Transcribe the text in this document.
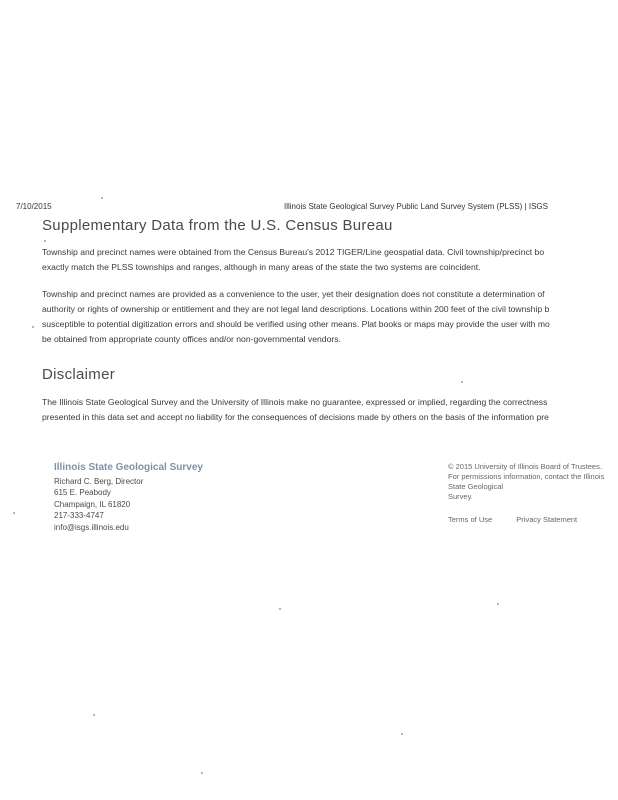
7/10/2015	Illinois State Geological Survey Public Land Survey System (PLSS) | ISGS
Supplementary Data from the U.S. Census Bureau

Township and precinct names were obtained from the Census Bureau's 2012 TIGER/Line geospatial data. Civil township/precinct bo
exactly match the PLSS townships and ranges, although in many areas of the state the two systems are coincident.

Township and precinct names are provided as a convenience to the user, yet their designation does not constitute a determination of
authority or rights of ownership or entitlement and they are not legal land descriptions. Locations within 200 feet of the civil township b
susceptible to potential digitization errors and should be verified using other means. Plat books or maps may provide the user with mo
be obtained from appropriate county offices and/or non-governmental vendors.

Disclaimer

The Illinois State Geological Survey and the University of Illinois make no guarantee, expressed or implied, regarding the correctness
presented in this data set and accept no liability for the consequences of decisions made by others on the basis of the information pre

Illinois State Geological Survey
Richard C. Berg, Director
615 E. Peabody
Champaign, IL 61820
217-333-4747
info@isgs.illinois.edu
© 2015 University of Illinois Board of Trustees.
For permissions information, contact the Illinois State Geological
Survey.
Terms of Use	Privacy Statement
